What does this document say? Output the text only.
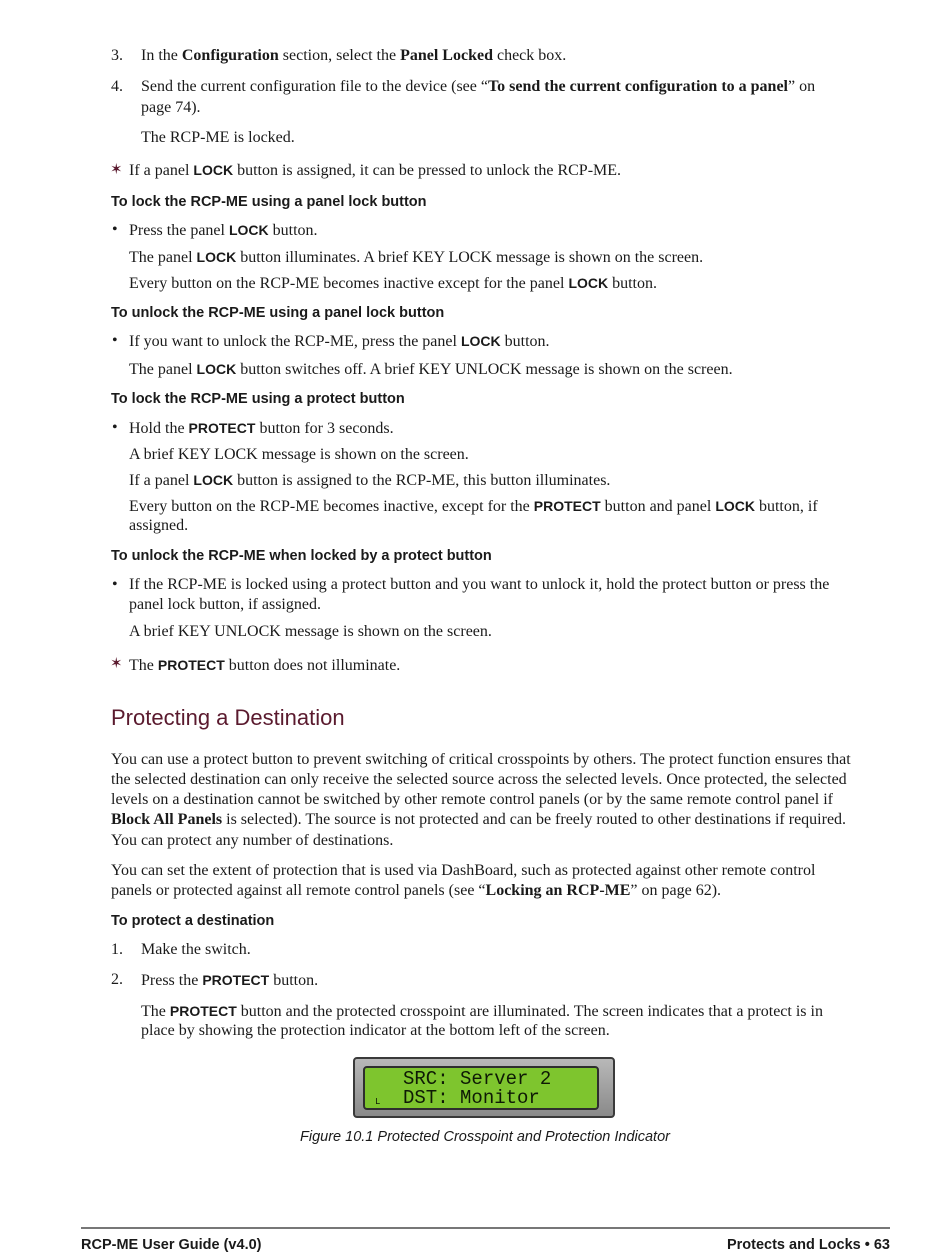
3. In the Configuration section, select the Panel Locked check box.
4. Send the current configuration file to the device (see “To send the current configuration to a panel” on
page 74).
The RCP-ME is locked.
✶ If a panel LOCK button is assigned, it can be pressed to unlock the RCP-ME.
To lock the RCP-ME using a panel lock button
• Press the panel LOCK button.
The panel LOCK button illuminates. A brief KEY LOCK message is shown on the screen.
Every button on the RCP-ME becomes inactive except for the panel LOCK button.
To unlock the RCP-ME using a panel lock button
• If you want to unlock the RCP-ME, press the panel LOCK button.
The panel LOCK button switches off. A brief KEY UNLOCK message is shown on the screen.
To lock the RCP-ME using a protect button
• Hold the PROTECT button for 3 seconds.
A brief KEY LOCK message is shown on the screen.
If a panel LOCK button is assigned to the RCP-ME, this button illuminates.
Every button on the RCP-ME becomes inactive, except for the PROTECT button and panel LOCK button, if
assigned.
To unlock the RCP-ME when locked by a protect button
• If the RCP-ME is locked using a protect button and you want to unlock it, hold the protect button or press the
panel lock button, if assigned.
A brief KEY UNLOCK message is shown on the screen.
✶ The PROTECT button does not illuminate.
Protecting a Destination
You can use a protect button to prevent switching of critical crosspoints by others. The protect function ensures that
the selected destination can only receive the selected source across the selected levels. Once protected, the selected
levels on a destination cannot be switched by other remote control panels (or by the same remote control panel if
Block All Panels is selected). The source is not protected and can be freely routed to other destinations if required.
You can protect any number of destinations.
You can set the extent of protection that is used via DashBoard, such as protected against other remote control
panels or protected against all remote control panels (see “Locking an RCP-ME” on page 62).
To protect a destination
1. Make the switch.
2. Press the PROTECT button.
The PROTECT button and the protected crosspoint are illuminated. The screen indicates that a protect is in
place by showing the protection indicator at the bottom left of the screen.
SRC: Server 2
DST: Monitor
L
Figure 10.1 Protected Crosspoint and Protection Indicator
RCP-ME User Guide (v4.0)	Protects and Locks • 63
